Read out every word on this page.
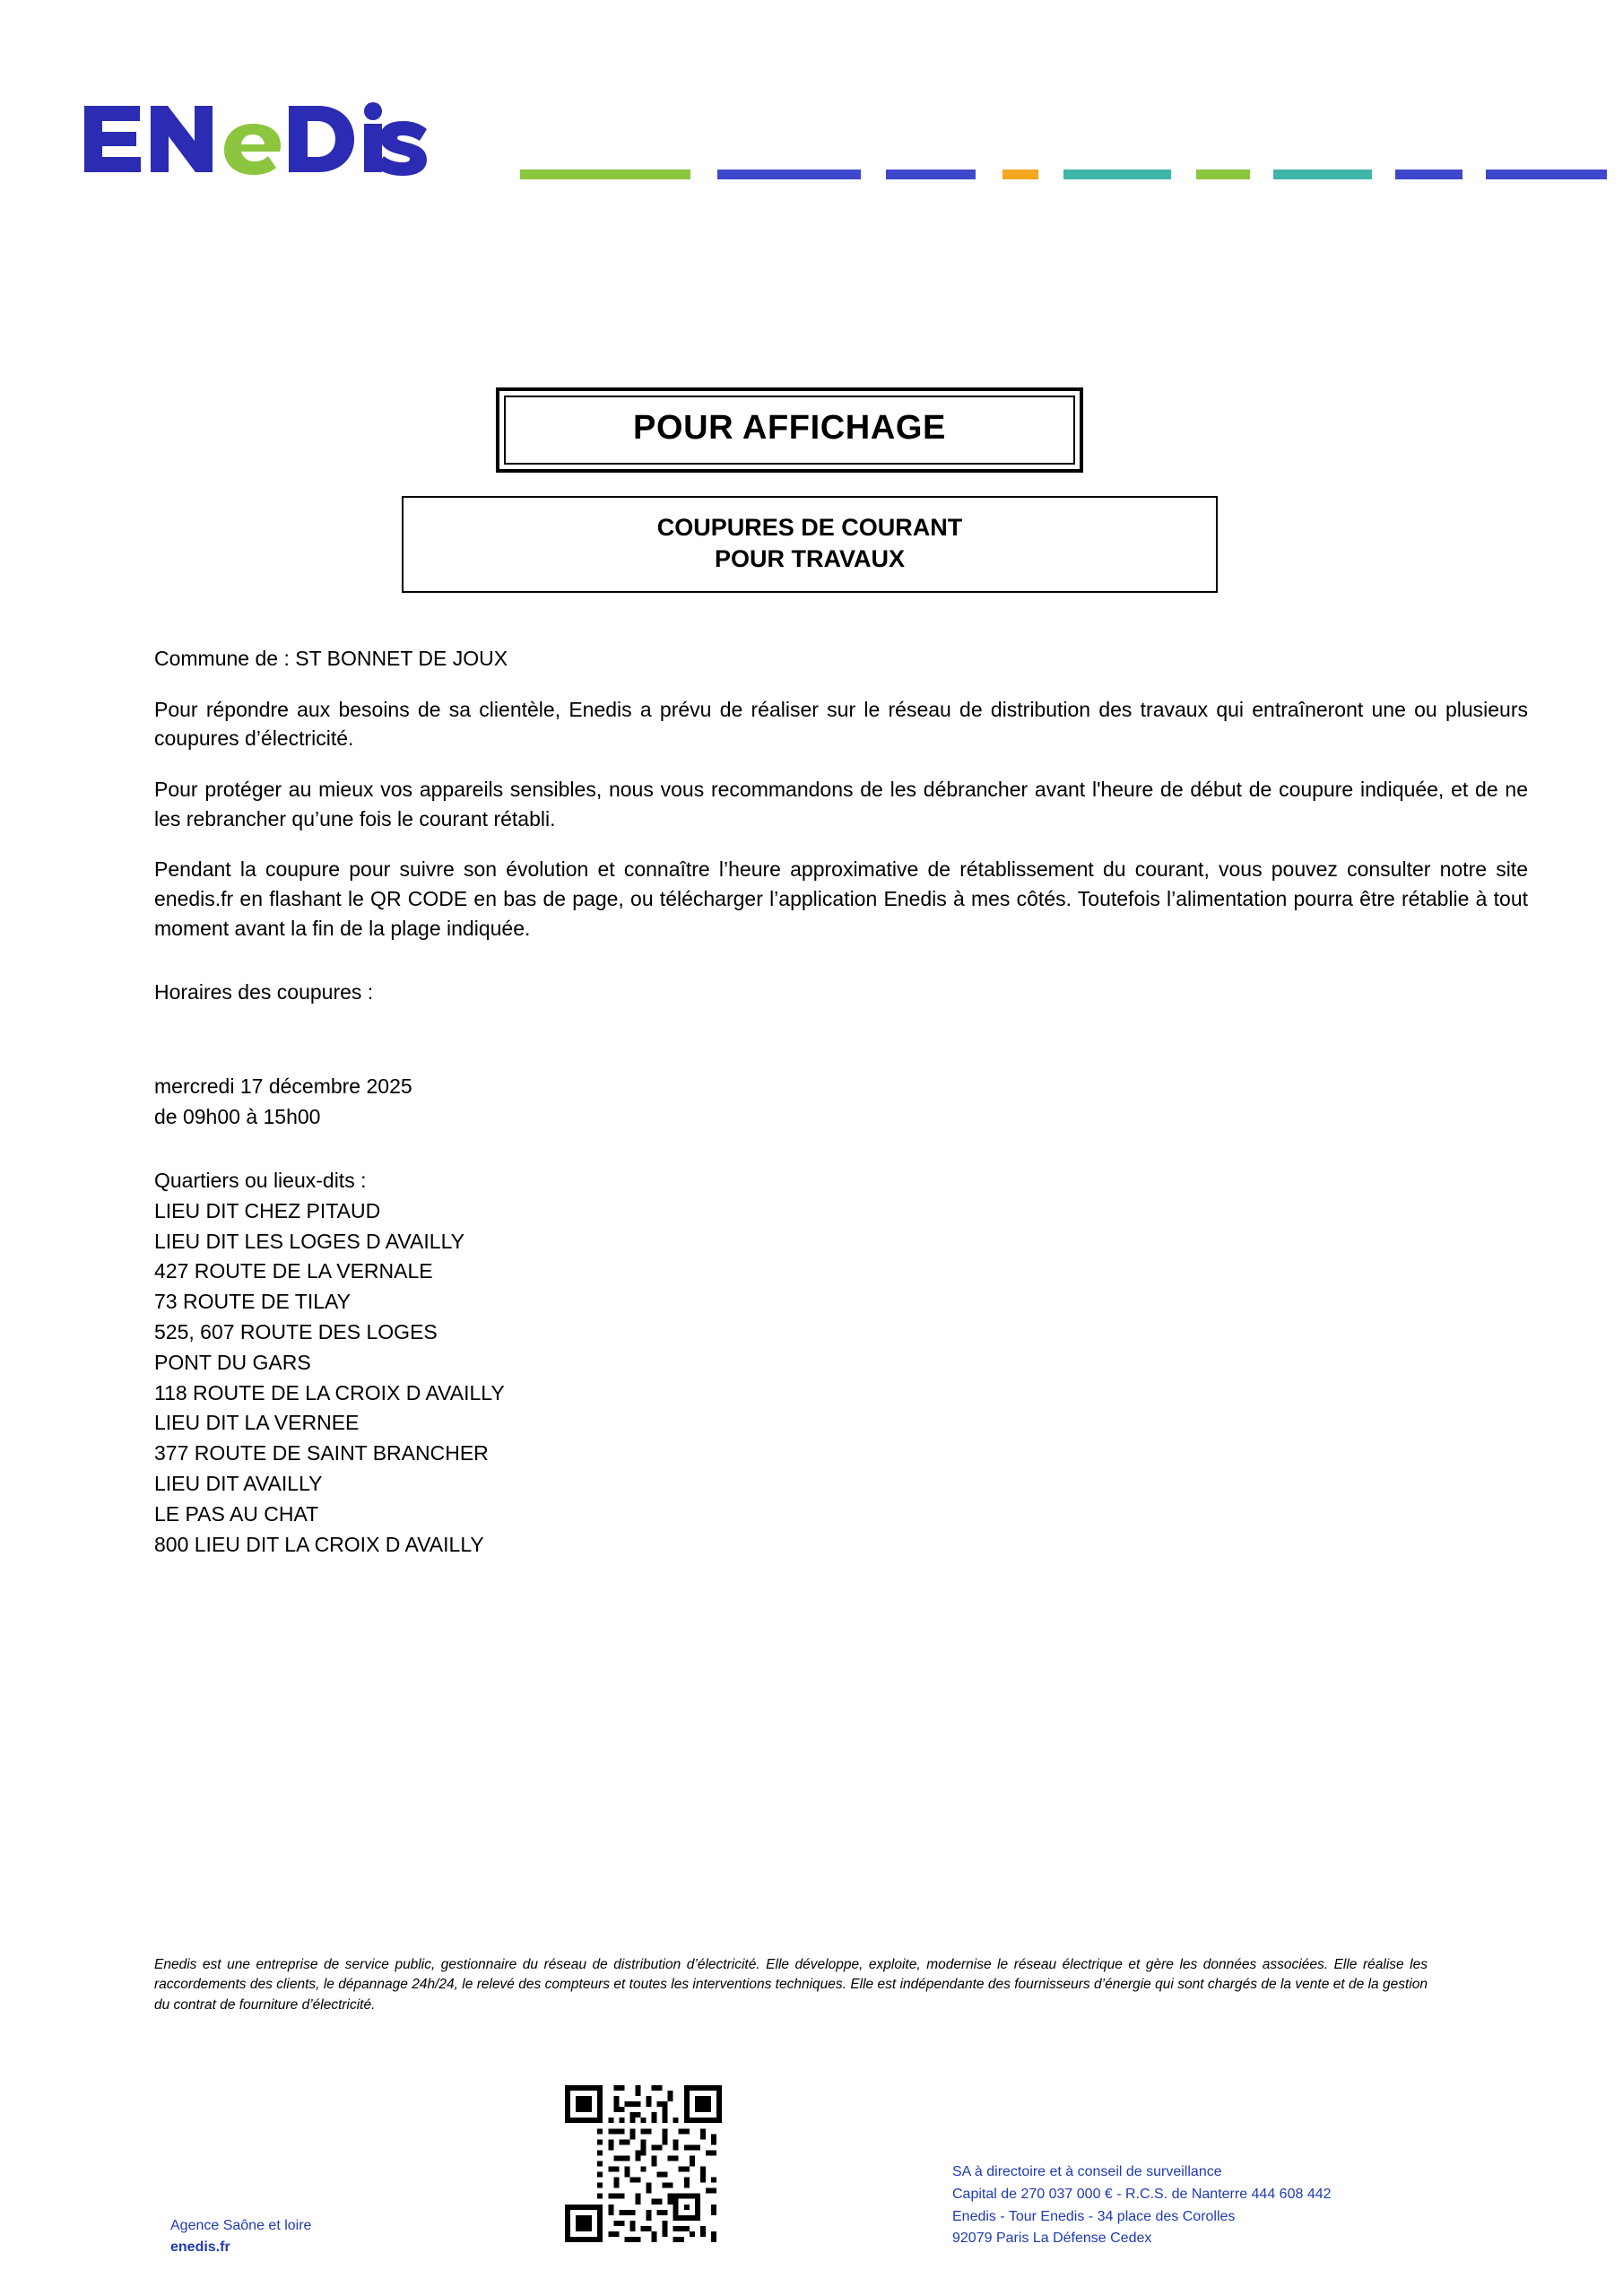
POUR AFFICHAGE
COUPURES DE COURANT
POUR TRAVAUX

Commune de : ST BONNET DE JOUX

Pour répondre aux besoins de sa clientèle, Enedis a prévu de réaliser sur le réseau de distribution des travaux qui entraîneront une ou plusieurs coupures d’électricité.

Pour protéger au mieux vos appareils sensibles, nous vous recommandons de les débrancher avant l'heure de début de coupure indiquée, et de ne les rebrancher qu’une fois le courant rétabli.

Pendant la coupure pour suivre son évolution et connaître l’heure approximative de rétablissement du courant, vous pouvez consulter notre site enedis.fr en flashant le QR CODE en bas de page, ou télécharger l’application Enedis à mes côtés. Toutefois l’alimentation pourra être rétablie à tout moment avant la fin de la plage indiquée.

Horaires des coupures :
mercredi 17 décembre 2025
de 09h00 à 15h00
Quartiers ou lieux-dits :
LIEU DIT CHEZ PITAUD
LIEU DIT LES LOGES D AVAILLY
427 ROUTE DE LA VERNALE
73 ROUTE DE TILAY
525, 607 ROUTE DES LOGES
PONT DU GARS
118 ROUTE DE LA CROIX D AVAILLY
LIEU DIT LA VERNEE
377 ROUTE DE SAINT BRANCHER
LIEU DIT AVAILLY
LE PAS AU CHAT
800 LIEU DIT LA CROIX D AVAILLY
Enedis est une entreprise de service public, gestionnaire du réseau de distribution d’électricité. Elle développe, exploite, modernise le réseau électrique et gère les données associées. Elle réalise les raccordements des clients, le dépannage 24h/24, le relevé des compteurs et toutes les interventions techniques. Elle est indépendante des fournisseurs d’énergie qui sont chargés de la vente et de la gestion du contrat de fourniture d’électricité.
Agence Saône et loire
enedis.fr
SA à directoire et à conseil de surveillance
Capital de 270 037 000 € - R.C.S. de Nanterre 444 608 442
Enedis - Tour Enedis - 34 place des Corolles
92079 Paris La Défense Cedex
